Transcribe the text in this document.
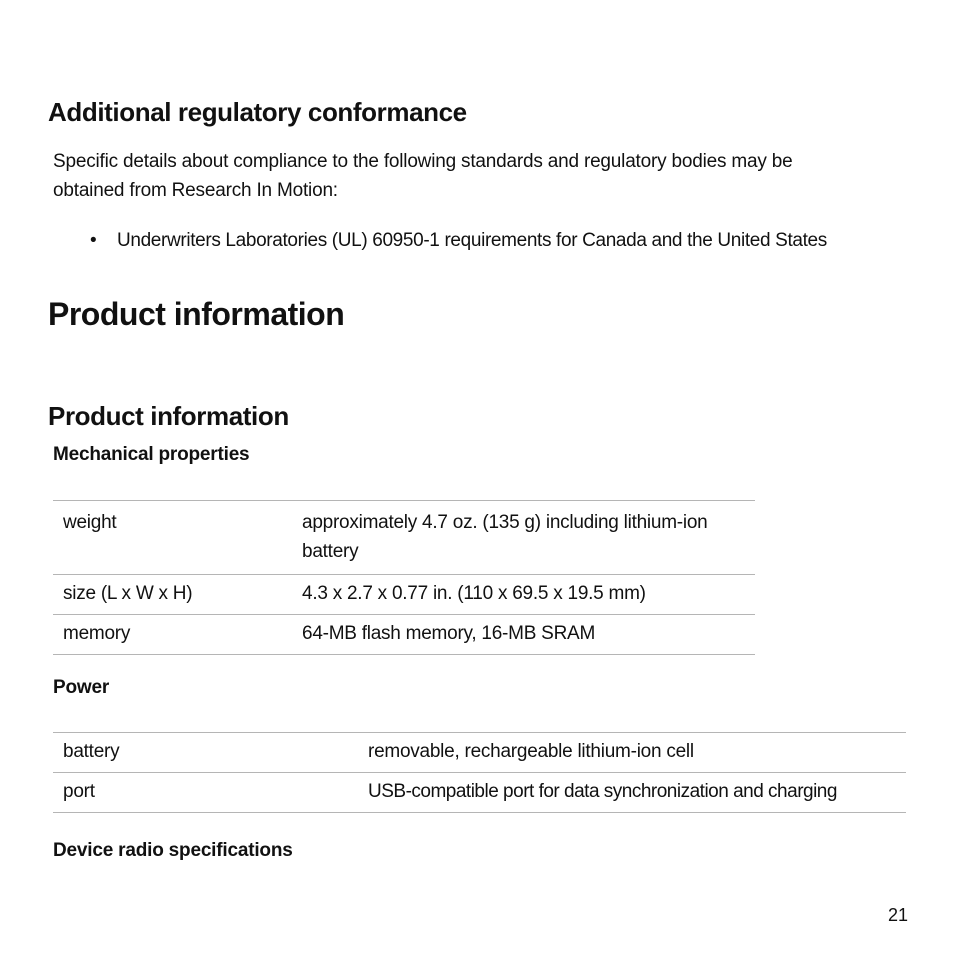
Additional regulatory conformance

Specific details about compliance to the following standards and regulatory bodies may be
obtained from Research In Motion:

• Underwriters Laboratories (UL) 60950-1 requirements for Canada and the United States
Product information
Product information
Mechanical properties
weight	approximately 4.7 oz. (135 g) including lithium-ion
battery
size (L x W x H)	4.3 x 2.7 x 0.77 in. (110 x 69.5 x 19.5 mm)
memory	64-MB flash memory, 16-MB SRAM
Power
battery	removable, rechargeable lithium-ion cell
port	USB-compatible port for data synchronization and charging
Device radio specifications
21
